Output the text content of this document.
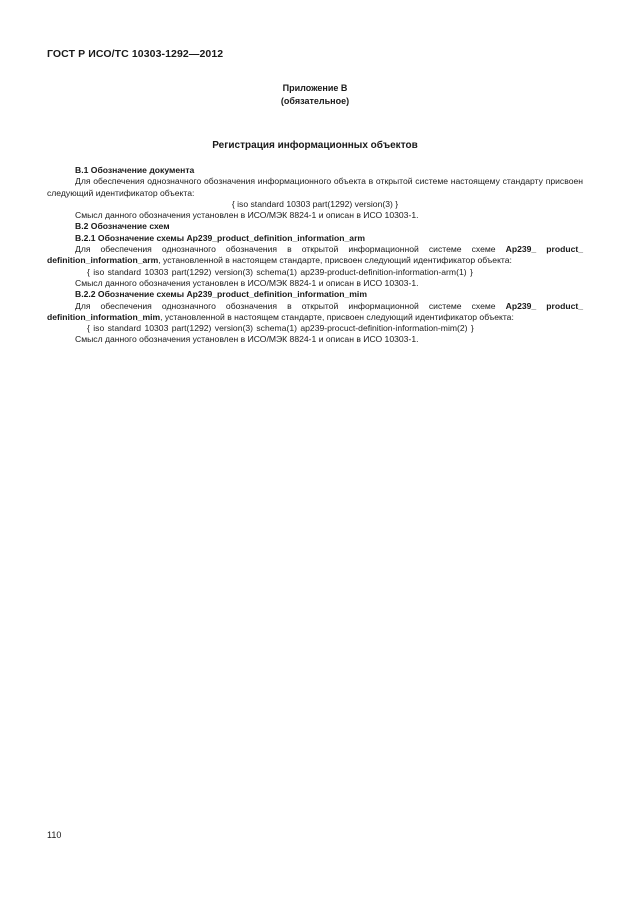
ГОСТ Р ИСО/ТС 10303-1292—2012
Приложение В
(обязательное)
Регистрация информационных объектов

В.1 Обозначение документа

Для обеспечения однозначного обозначения информационного объекта в открытой системе настоящему стандарту присвоен следующий идентификатор объекта:

{ iso standard 10303 part(1292) version(3) }

Смысл данного обозначения установлен в ИСО/МЭК 8824-1 и описан в ИСО 10303-1.

В.2 Обозначение схем

В.2.1 Обозначение схемы Ap239_product_definition_information_arm

Для обеспечения однозначного обозначения в открытой информационной системе схеме Ap239_ product_ definition_information_arm, установленной в настоящем стандарте, присвоен следующий идентификатор объекта:

{ iso standard 10303 part(1292) version(3) schema(1) ap239-product-definition-information-arm(1) }

Смысл данного обозначения установлен в ИСО/МЭК 8824-1 и описан в ИСО 10303-1.

В.2.2 Обозначение схемы Ap239_product_definition_information_mim

Для обеспечения однозначного обозначения в открытой информационной системе схеме Ap239_ product_ definition_information_mim, установленной в настоящем стандарте, присвоен следующий идентификатор объекта:

{ iso standard 10303 part(1292) version(3) schema(1) ap239-procuct-definition-information-mim(2) }

Смысл данного обозначения установлен в ИСО/МЭК 8824-1 и описан в ИСО 10303-1.

110
